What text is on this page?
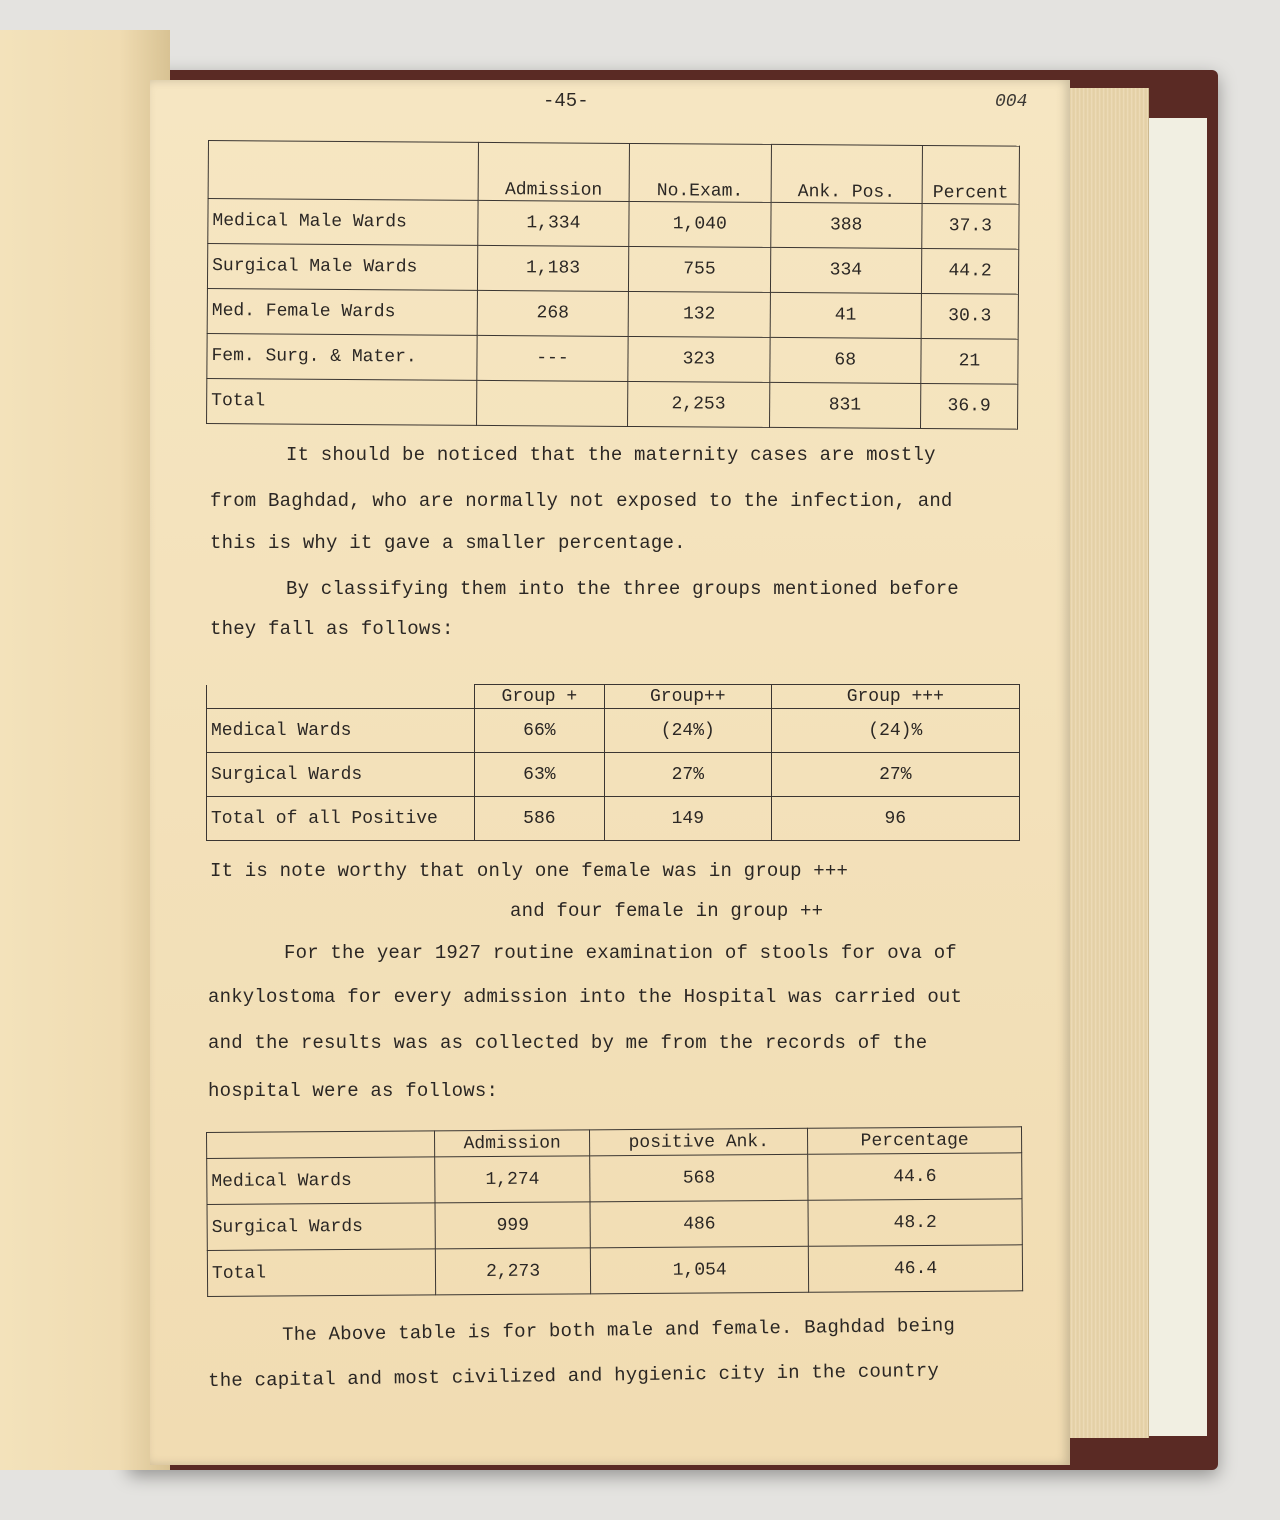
-45-	004
	Admission	No.Exam.	Ank. Pos.	Percent
Medical Male Wards	1,334	1,040	388	37.3
Surgical Male Wards	1,183	755	334	44.2
Med. Female Wards	268	132	41	30.3
Fem. Surg. & Mater.	---	323	68	21
Total		2,253	831	36.9
It should be noticed that the maternity cases are mostly
from Baghdad, who are normally not exposed to the infection, and
this is why it gave a smaller percentage.
By classifying them into the three groups mentioned before
they fall as follows:
	Group +	Group++	Group +++
Medical Wards	66%	(24%)	(24)%
Surgical Wards	63%	27%	27%
Total of all Positive	586	149	96
It is note worthy that only one female was in group +++
and four female in group ++
For the year 1927 routine examination of stools for ova of
ankylostoma for every admission into the Hospital was carried out
and the results was as collected by me from the records of the
hospital were as follows:
	Admission	positive Ank.	Percentage
Medical Wards	1,274	568	44.6
Surgical Wards	999	486	48.2
Total	2,273	1,054	46.4
The Above table is for both male and female. Baghdad being
the capital and most civilized and hygienic city in the country
